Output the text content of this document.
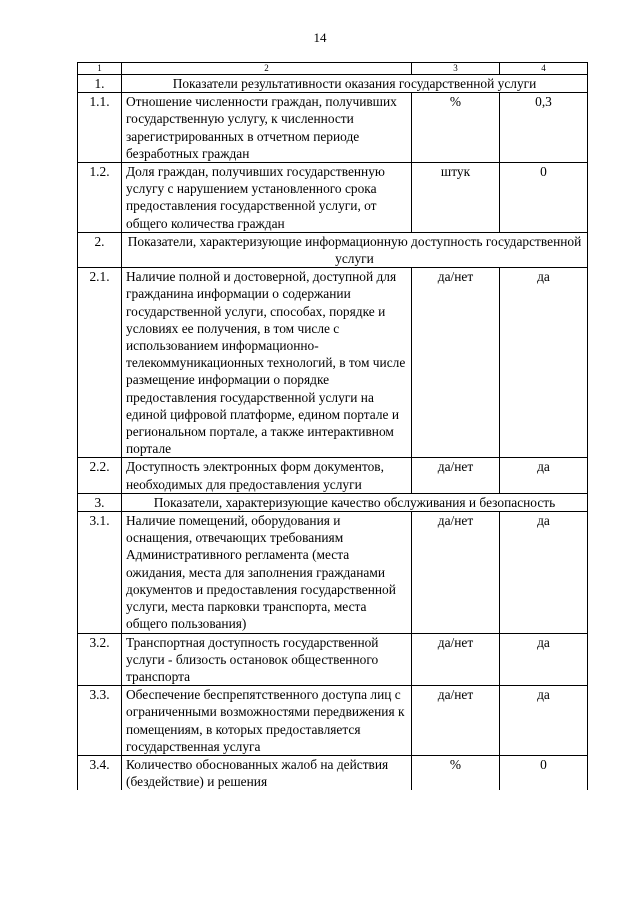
14
1	2	3	4
1.	Показатели результативности оказания государственной услуги		
1.1.	Отношение численности граждан, получивших государственную услугу, к численности зарегистрированных в отчетном периоде безработных граждан	%	0,3
1.2.	Доля граждан, получивших государственную услугу с нарушением установленного срока предоставления государственной услуги, от общего количества граждан	штук	0
2.	Показатели, характеризующие информационную доступность государственной услуги		
2.1.	Наличие полной и достоверной, доступной для гражданина информации о содержании государственной услуги, способах, порядке и условиях ее получения, в том числе с использованием информационно-телекоммуникационных технологий, в том числе размещение информации о порядке предоставления государственной услуги на единой цифровой платформе, едином портале и региональном портале, а также интерактивном портале	да/нет	да
2.2.	Доступность электронных форм документов, необходимых для предоставления услуги	да/нет	да
3.	Показатели, характеризующие качество обслуживания и безопасность		
3.1.	Наличие помещений, оборудования и оснащения, отвечающих требованиям Административного регламента (места ожидания, места для заполнения гражданами документов и предоставления государственной услуги, места парковки транспорта, места общего пользования)	да/нет	да
3.2.	Транспортная доступность государственной услуги - близость остановок общественного транспорта	да/нет	да
3.3.	Обеспечение беспрепятственного доступа лиц с ограниченными возможностями передвижения к помещениям, в которых предоставляется государственная услуга	да/нет	да
3.4.	Количество обоснованных жалоб на действия (бездействие) и решения	%	0
